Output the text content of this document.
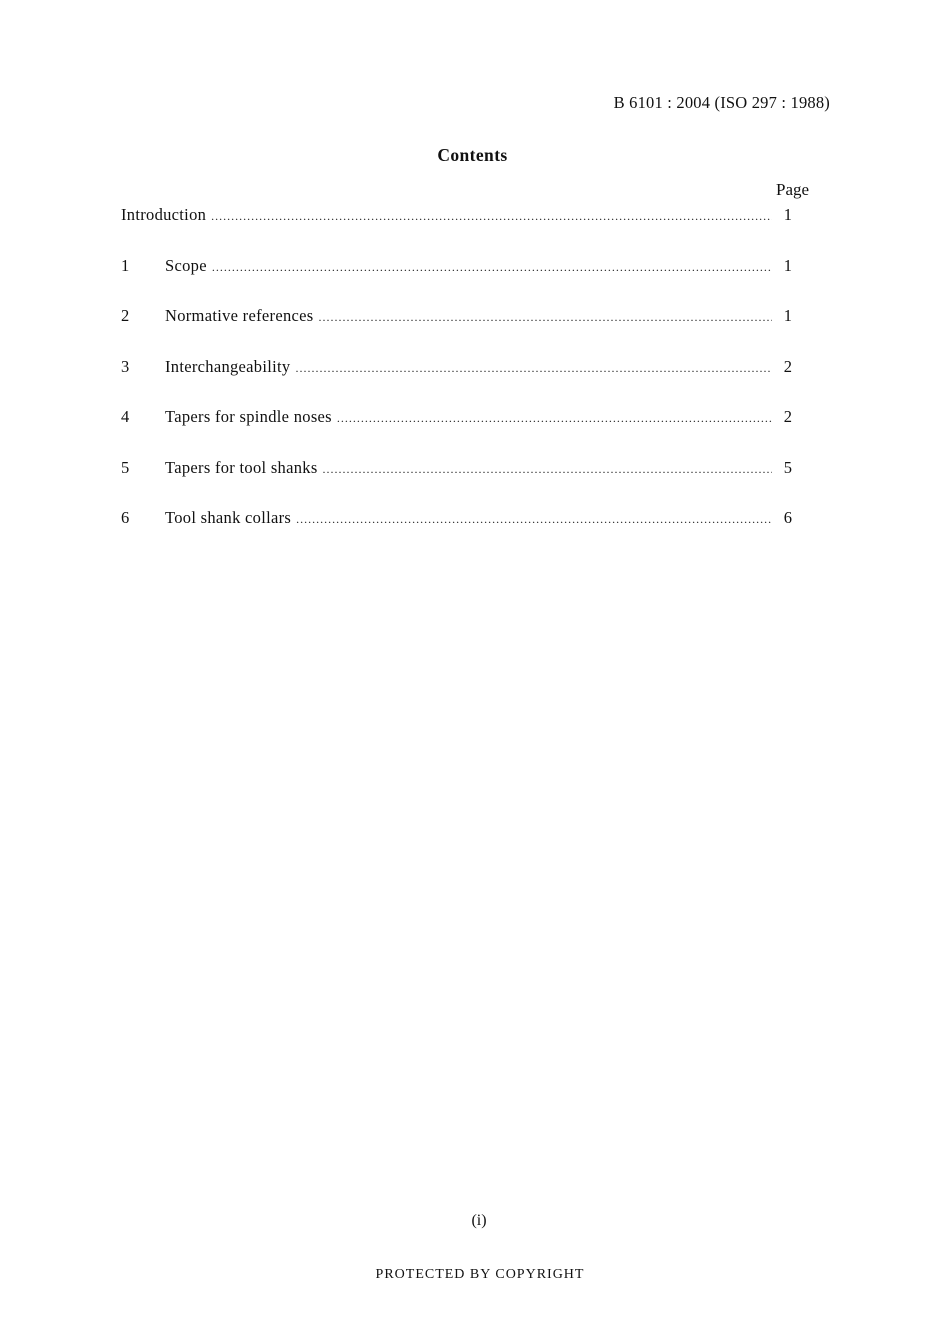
B 6101 : 2004 (ISO 297 : 1988)
Contents
Page
Introduction .....	1
1	Scope .....	1
2	Normative references .....	1
3	Interchangeability .....	2
4	Tapers for spindle noses .....	2
5	Tapers for tool shanks .....	5
6	Tool shank collars .....	6
(i)
PROTECTED BY COPYRIGHT
